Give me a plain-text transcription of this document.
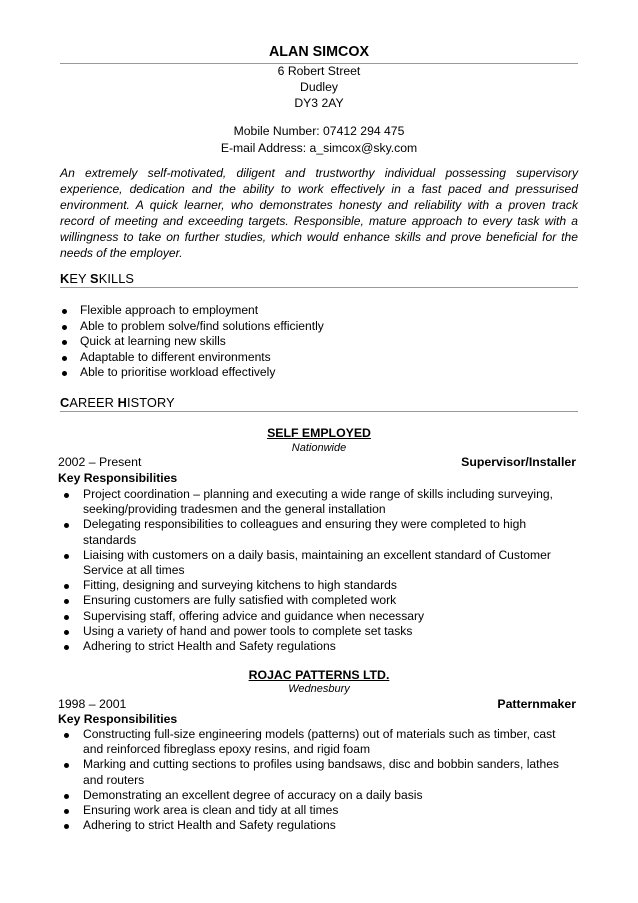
ALAN SIMCOX
6 Robert Street
Dudley
DY3 2AY
Mobile Number: 07412 294 475
E-mail Address: a_simcox@sky.com
An extremely self-motivated, diligent and trustworthy individual possessing supervisory experience, dedication and the ability to work effectively in a fast paced and pressurised environment. A quick learner, who demonstrates honesty and reliability with a proven track record of meeting and exceeding targets. Responsible, mature approach to every task with a willingness to take on further studies, which would enhance skills and prove beneficial for the needs of the employer.
KEY SKILLS
Flexible approach to employment
Able to problem solve/find solutions efficiently
Quick at learning new skills
Adaptable to different environments
Able to prioritise workload effectively
CAREER HISTORY
SELF EMPLOYED
Nationwide
2002 – Present	Supervisor/Installer
Key Responsibilities
Project coordination – planning and executing a wide range of skills including surveying, seeking/providing tradesmen and the general installation
Delegating responsibilities to colleagues and ensuring they were completed to high standards
Liaising with customers on a daily basis, maintaining an excellent standard of Customer Service at all times
Fitting, designing and surveying kitchens to high standards
Ensuring customers are fully satisfied with completed work
Supervising staff, offering advice and guidance when necessary
Using a variety of hand and power tools to complete set tasks
Adhering to strict Health and Safety regulations
ROJAC PATTERNS LTD.
Wednesbury
1998 – 2001	Patternmaker
Key Responsibilities
Constructing full-size engineering models (patterns) out of materials such as timber, cast and reinforced fibreglass epoxy resins, and rigid foam
Marking and cutting sections to profiles using bandsaws, disc and bobbin sanders, lathes and routers
Demonstrating an excellent degree of accuracy on a daily basis
Ensuring work area is clean and tidy at all times
Adhering to strict Health and Safety regulations
